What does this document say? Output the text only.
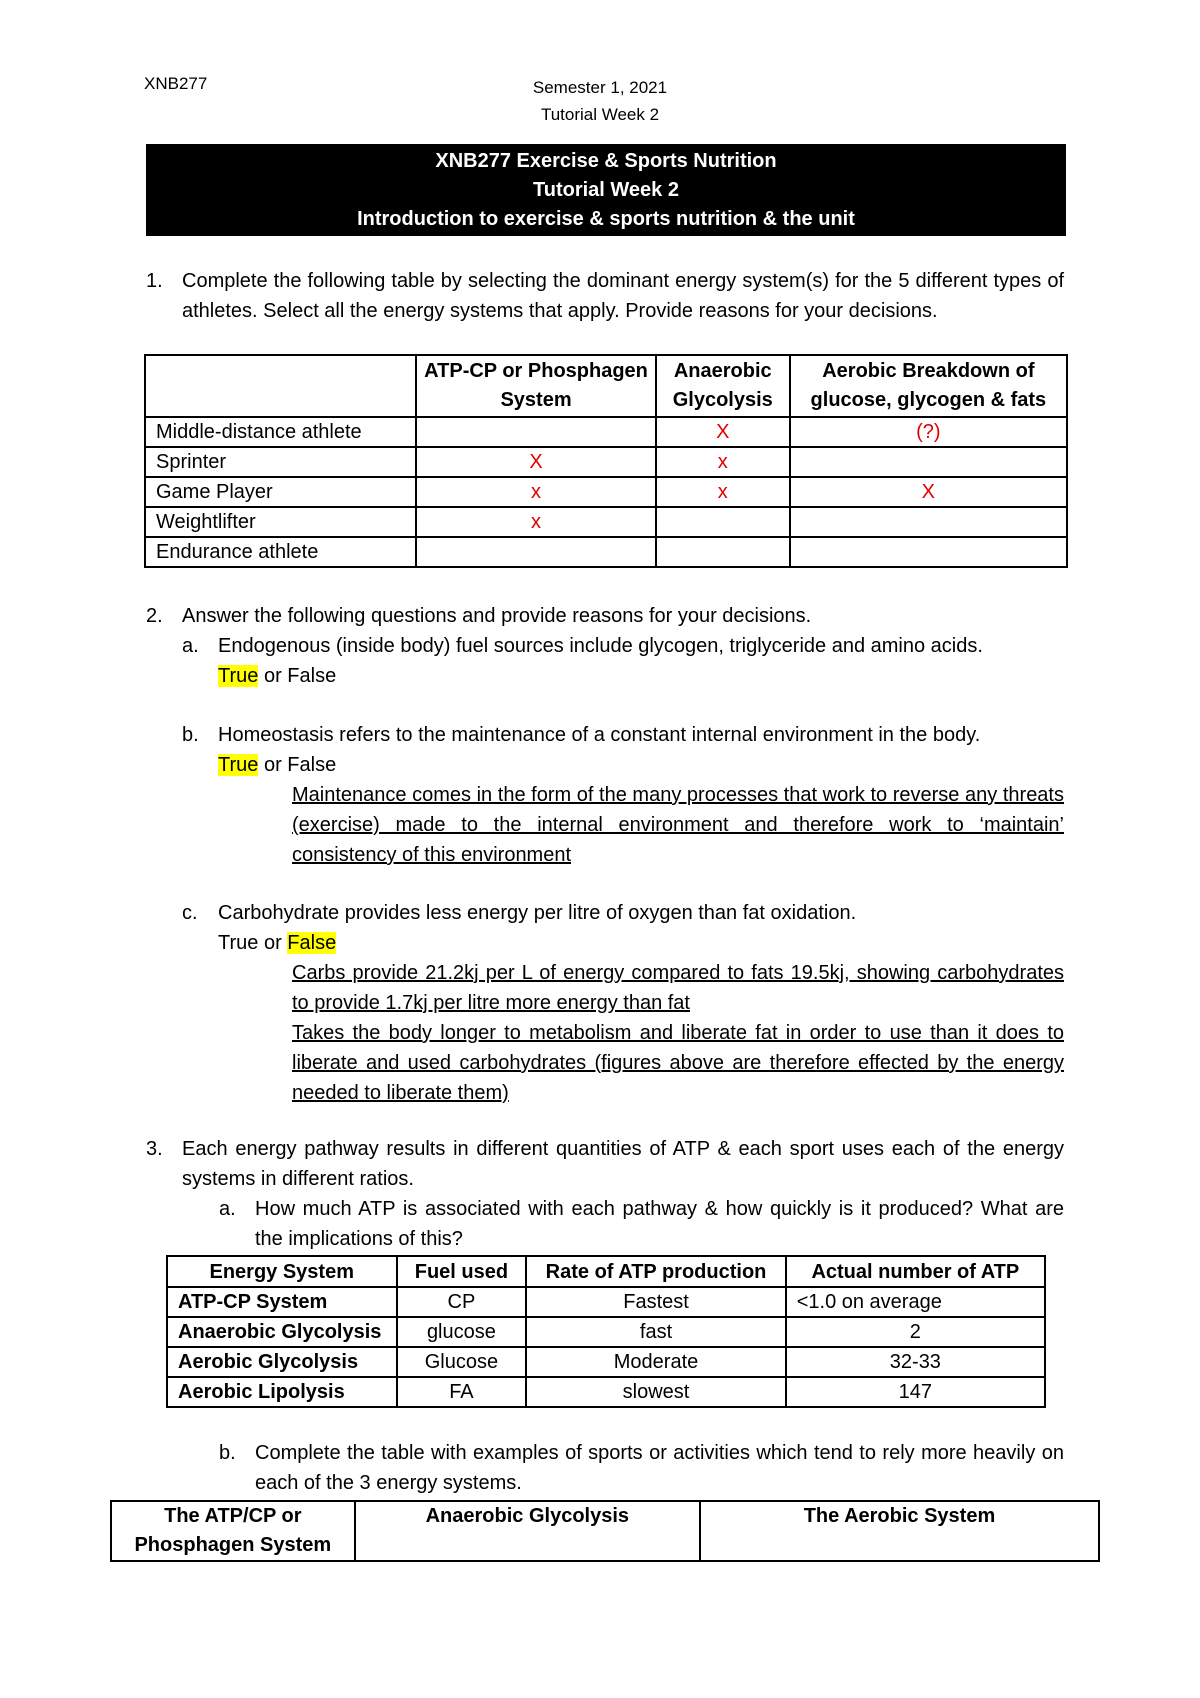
XNB277	Semester 1, 2021
Tutorial Week 2
XNB277 Exercise & Sports Nutrition
Tutorial Week 2
Introduction to exercise & sports nutrition & the unit
1. Complete the following table by selecting the dominant energy system(s) for the 5 different types of athletes. Select all the energy systems that apply. Provide reasons for your decisions.
	ATP-CP or Phosphagen System	Anaerobic Glycolysis	Aerobic Breakdown of glucose, glycogen & fats
Middle-distance athlete		X	(?)
Sprinter	X	x	
Game Player	x	x	X
Weightlifter	x		
Endurance athlete			
2. Answer the following questions and provide reasons for your decisions.
a. Endogenous (inside body) fuel sources include glycogen, triglyceride and amino acids.
True or False
b. Homeostasis refers to the maintenance of a constant internal environment in the body.
True or False
Maintenance comes in the form of the many processes that work to reverse any threats (exercise) made to the internal environment and therefore work to ‘maintain’ consistency of this environment
c. Carbohydrate provides less energy per litre of oxygen than fat oxidation.
True or False
Carbs provide 21.2kj per L of energy compared to fats 19.5kj, showing carbohydrates to provide 1.7kj per litre more energy than fat
Takes the body longer to metabolism and liberate fat in order to use than it does to liberate and used carbohydrates (figures above are therefore effected by the energy needed to liberate them)
3. Each energy pathway results in different quantities of ATP & each sport uses each of the energy systems in different ratios.
a. How much ATP is associated with each pathway & how quickly is it produced? What are the implications of this?
Energy System	Fuel used	Rate of ATP production	Actual number of ATP
ATP-CP System	CP	Fastest	<1.0 on average
Anaerobic Glycolysis	glucose	fast	2
Aerobic Glycolysis	Glucose	Moderate	32-33
Aerobic Lipolysis	FA	slowest	147
b. Complete the table with examples of sports or activities which tend to rely more heavily on each of the 3 energy systems.
The ATP/CP or Phosphagen System	Anaerobic Glycolysis	The Aerobic System
